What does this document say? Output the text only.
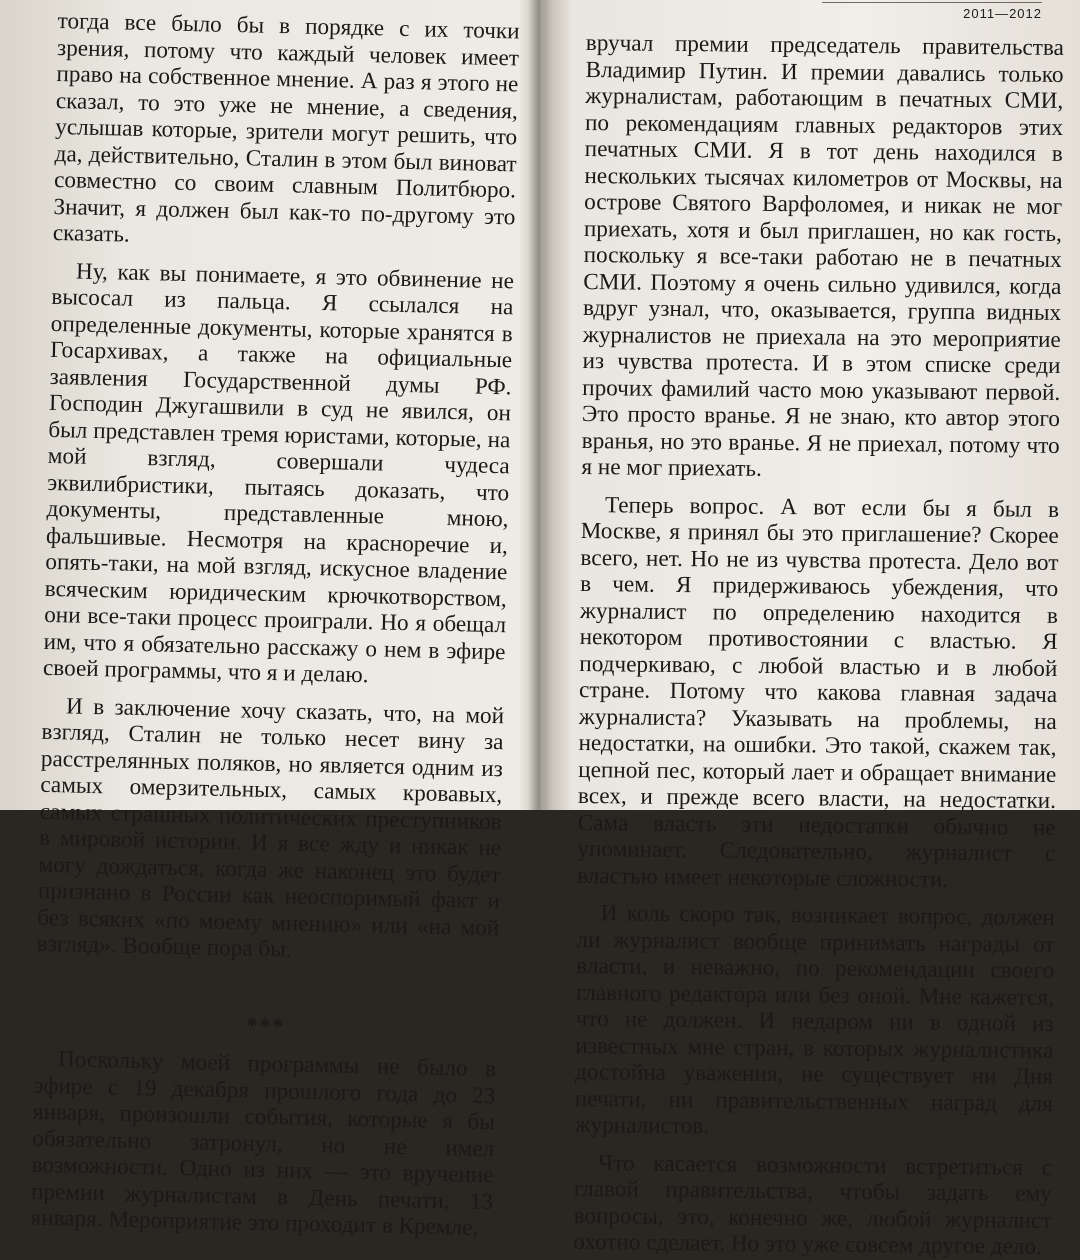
тогда все было бы в порядке с их точки зрения, потому что каждый человек имеет право на собственное мнение. А раз я этого не сказал, то это уже не мнение, а сведения, услышав которые, зрители могут решить, что да, действительно, Сталин в этом был виноват совместно со своим славным Политбюро. Значит, я должен был как-то по-другому это сказать.

Ну, как вы понимаете, я это обвинение не высосал из пальца. Я ссылался на определенные документы, которые хранятся в Госархивах, а также на официальные заявления Государственной думы РФ. Господин Джугашвили в суд не явился, он был представлен тремя юристами, которые, на мой взгляд, совершали чудеса эквилибристики, пытаясь доказать, что документы, представленные мною, фальшивые. Несмотря на красноречие и, опять-таки, на мой взгляд, искусное владение всяческим юридическим крючкотворством, они все-таки процесс проиграли. Но я обещал им, что я обязательно расскажу о нем в эфире своей программы, что я и делаю.

И в заключение хочу сказать, что, на мой взгляд, Сталин не только несет вину за расстрелянных поляков, но является одним из самых омерзительных, самых кровавых, самых страшных политических преступников в мировой истории. И я все жду и никак не могу дождаться, когда же наконец это будет признано в России как неоспоримый факт и без всяких «по моему мнению» или «на мой взгляд». Вообще пора бы.

***

Поскольку моей программы не было в эфире с 19 декабря прошлого года до 23 января, произошли события, которые я бы обязательно затронул, но не имел возможности. Одно из них — это вручение премии журналистам в День печати, 13 января. Мероприятие это проходит в Кремле,

2011—2012

вручал премии председатель правительства Владимир Путин. И премии давались только журналистам, работающим в печатных СМИ, по рекомендациям главных редакторов этих печатных СМИ. Я в тот день находился в нескольких тысячах километров от Москвы, на острове Святого Варфоломея, и никак не мог приехать, хотя и был приглашен, но как гость, поскольку я все-таки работаю не в печатных СМИ. Поэтому я очень сильно удивился, когда вдруг узнал, что, оказывается, группа видных журналистов не приехала на это мероприятие из чувства протеста. И в этом списке среди прочих фамилий часто мою указывают первой. Это просто вранье. Я не знаю, кто автор этого вранья, но это вранье. Я не приехал, потому что я не мог приехать.

Теперь вопрос. А вот если бы я был в Москве, я принял бы это приглашение? Скорее всего, нет. Но не из чувства протеста. Дело вот в чем. Я придерживаюсь убеждения, что журналист по определению находится в некотором противостоянии с властью. Я подчеркиваю, с любой властью и в любой стране. Потому что какова главная задача журналиста? Указывать на проблемы, на недостатки, на ошибки. Это такой, скажем так, цепной пес, который лает и обращает внимание всех, и прежде всего власти, на недостатки. Сама власть эти недостатки обычно не упоминает. Следовательно, журналист с властью имеет некоторые сложности.

И коль скоро так, возникает вопрос, должен ли журналист вообще принимать награды от власти, и неважно, по рекомендации своего главного редактора или без оной. Мне кажется, что не должен. И недаром ни в одной из известных мне стран, в которых журналистика достойна уважения, не существует ни Дня печати, ни правительственных наград для журналистов.

Что касается возможности встретиться с главой правительства, чтобы задать ему вопросы, это, конечно же, любой журналист охотно сделает. Но это уже совсем другое дело.
